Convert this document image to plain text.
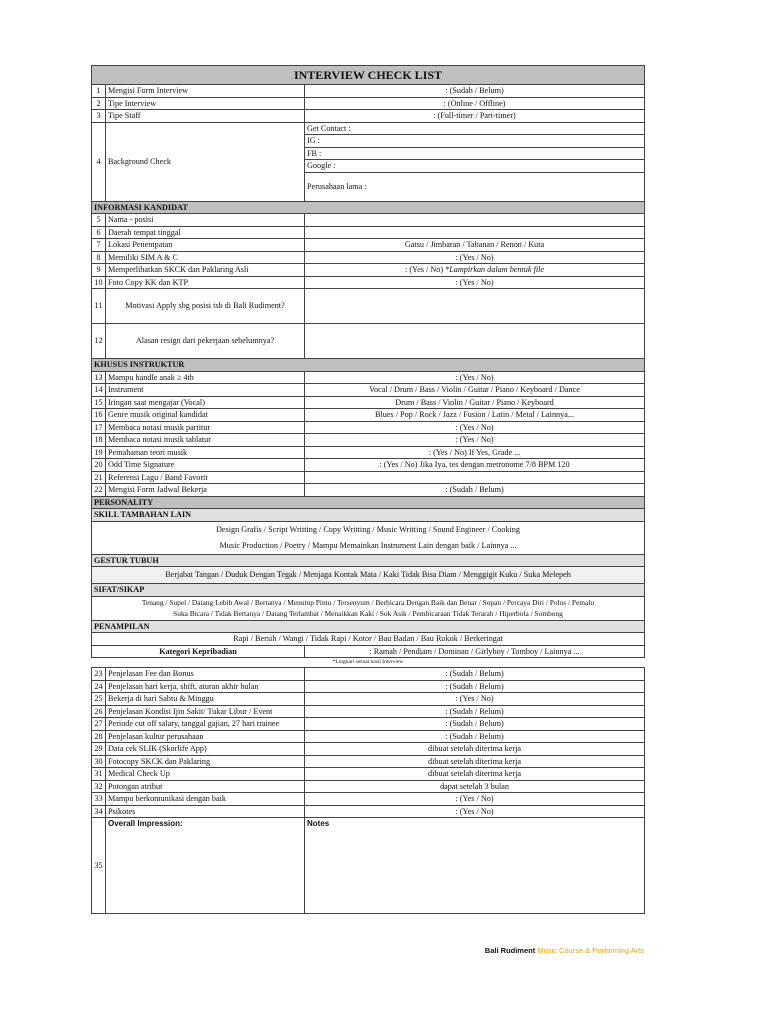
INTERVIEW CHECK LIST		
1	Mengisi Form Interview	: (Sudah / Belum)
2	Tipe Interview	: (Online / Offline)
3	Tipe Staff	: (Full-timer / Part-timer)
4	Background Check	Get Contact :
		IG :
		FB :
		Google :
		Perusahaan lama :
INFORMASI KANDIDAT		
5	Nama - posisi	
6	Daerah tempat tinggal	
7	Lokasi Penempatan	Gatsu / Jimbaran / Tabanan / Renon / Kuta
8	Memiliki SIM A & C	: (Yes / No)
9	Memperlihatkan SKCK dan Paklaring Asli	: (Yes / No) *Lampirkan dalam bentuk file
10	Foto Copy KK dan KTP	: (Yes / No)
11	Motivasi Apply sbg posisi tsb di Bali Rudiment?	
12	Alasan resign dari pekerjaan sebelumnya?	
KHUSUS INSTRUKTUR		
13	Mampu handle anak ≥ 4th	: (Yes / No)
14	Instrument	Vocal / Drum / Bass / Violin / Guitar / Piano / Keyboard / Dance
15	Iringan saat mengajar (Vocal)	Drum / Bass / Violin / Guitar / Piano / Keyboard
16	Genre musik original kandidat	Blues / Pop / Rock / Jazz / Fusion / Latin / Metal / Lainnya...
17	Membaca notasi musik partitur	: (Yes / No)
18	Membaca notasi musik tablatur	: (Yes / No)
19	Pemahaman teori musik	: (Yes / No) If Yes, Grade ...
20	Odd Time Signature	: (Yes / No) Jika Iya, tes dengan metronome 7/8 BPM 120
21	Referensi Lagu / Band Favorit	
22	Mengisi Form Jadwal Bekerja	: (Sudah / Belum)
PERSONALITY		
SKILL TAMBAHAN LAIN		
Design Grafis / Script Writting / Copy Writting / Music Writting / Sound Engineer / Cooking		
Music Production / Poetry / Mampu Memainkan Instrument Lain dengan baik / Lainnya ...		
GESTUR TUBUH		
Berjabat Tangan / Duduk Dengan Tegak / Menjaga Kontak Mata / Kaki Tidak Bisa Diam / Menggigit Kuku / Suka Melepeh		
SIFAT/SIKAP		
Tenang / Supel / Datang Lebih Awal / Bertanya / Menutup Pintu / Tersenyum / Berbicara Dengan Baik dan Benar / Sopan / Percaya Diri / Polos / Pemalu		
Suka Bicara / Tidak Bertanya / Datang Terlambat / Menaikkan Kaki / Sok Asik / Pembicaraan Tidak Terarah / Hiperbola / Sombong		
PENAMPILAN		
Rapi / Bersih / Wangi / Tidak Rapi / Kotor / Bau Badan / Bau Rokok / Berkeringat		
Kategori Kepribadian		: Ramah / Pendiam / Dominan / Girlyboy / Tomboy / Lainnya ...
*Lingkari sesuai hasil Interview		
23	Penjelasan Fee dan Bonus	: (Sudah / Belum)
24	Penjelasan hari kerja, shift, aturan akhir bulan	: (Sudah / Belum)
25	Bekerja di hari Sabtu & Minggu	: (Yes / No)
26	Penjelasan Kondisi Ijin Sakit/ Tukar Libur / Event	: (Sudah / Belum)
27	Periode cut off salary, tanggal gajian, 27 hari trainee	: (Sudah / Belum)
28	Penjelasan kultur perusahaan	: (Sudah / Belum)
29	Data cek SLIK (Skorlife App)	dibuat setelah diterima kerja
30	Fotocopy SKCK dan Paklaring	dibuat setelah diterima kerja
31	Medical Check Up	dibuat setelah diterima kerja
32	Potongan atribut	dapat setelah 3 bulan
33	Mampu berkomunikasi dengan baik	: (Yes / No)
34	Psikotes	: (Yes / No)
35	Overall Impression:	Notes
Bali Rudiment Music Course & Performing Arts
